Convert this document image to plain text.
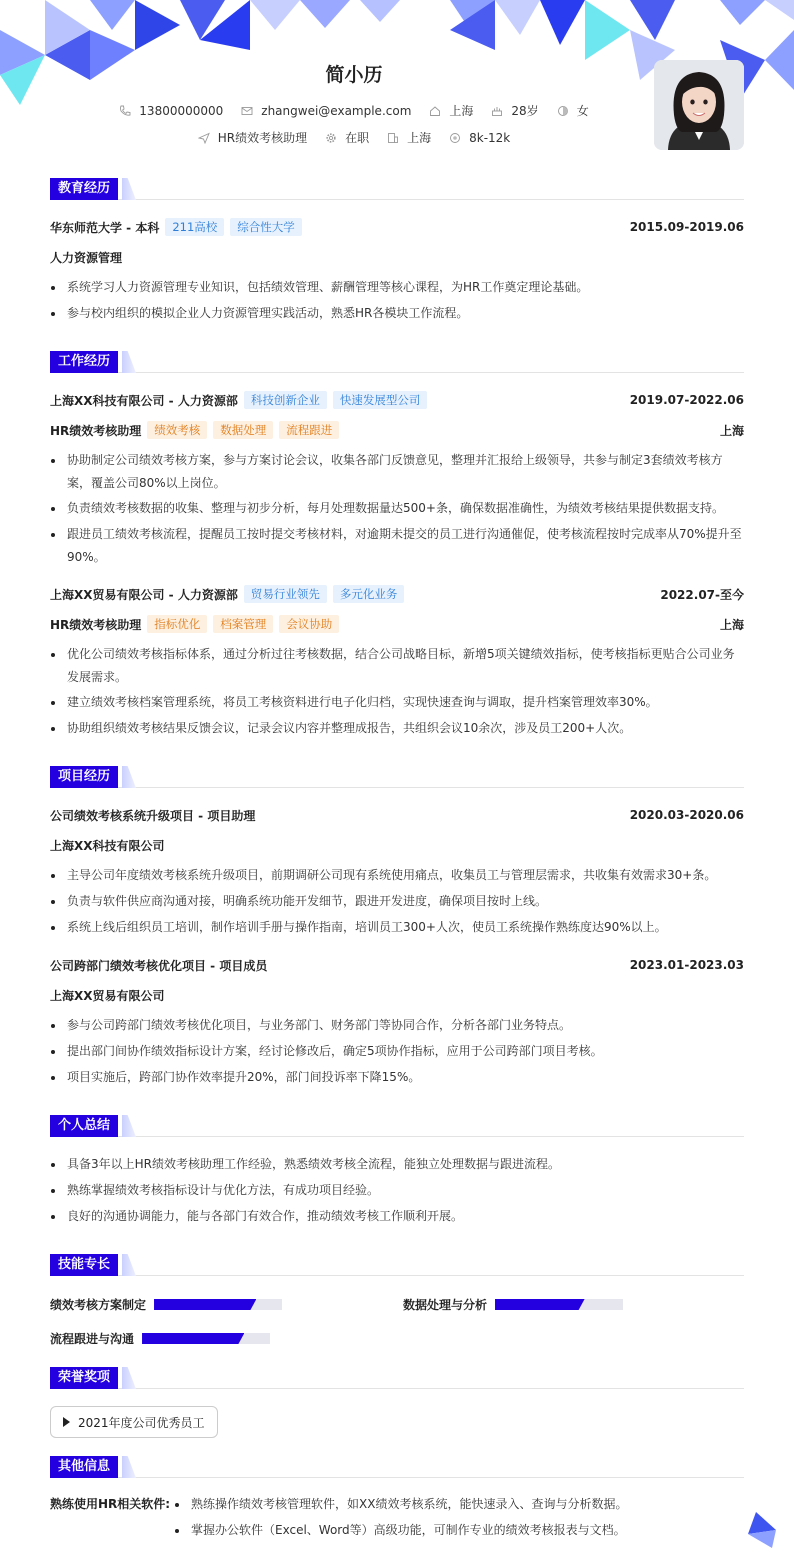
简小历
13800000000	zhangwei@example.com	上海	28岁	女
HR绩效考核助理	在职	上海	8k-12k
教育经历
华东师范大学 - 本科	211高校	综合性大学	2015.09-2019.06
人力资源管理
系统学习人力资源管理专业知识，包括绩效管理、薪酬管理等核心课程，为HR工作奠定理论基础。
参与校内组织的模拟企业人力资源管理实践活动，熟悉HR各模块工作流程。
工作经历
上海XX科技有限公司 - 人力资源部	科技创新企业	快速发展型公司	2019.07-2022.06
HR绩效考核助理	绩效考核	数据处理	流程跟进	上海
协助制定公司绩效考核方案，参与方案讨论会议，收集各部门反馈意见，整理并汇报给上级领导，共参与制定3套绩效考核方案，覆盖公司80%以上岗位。
负责绩效考核数据的收集、整理与初步分析，每月处理数据量达500+条，确保数据准确性，为绩效考核结果提供数据支持。
跟进员工绩效考核流程，提醒员工按时提交考核材料，对逾期未提交的员工进行沟通催促，使考核流程按时完成率从70%提升至90%。
上海XX贸易有限公司 - 人力资源部	贸易行业领先	多元化业务	2022.07-至今
HR绩效考核助理	指标优化	档案管理	会议协助	上海
优化公司绩效考核指标体系，通过分析过往考核数据，结合公司战略目标，新增5项关键绩效指标，使考核指标更贴合公司业务发展需求。
建立绩效考核档案管理系统，将员工考核资料进行电子化归档，实现快速查询与调取，提升档案管理效率30%。
协助组织绩效考核结果反馈会议，记录会议内容并整理成报告，共组织会议10余次，涉及员工200+人次。
项目经历
公司绩效考核系统升级项目 - 项目助理	2020.03-2020.06
上海XX科技有限公司
主导公司年度绩效考核系统升级项目，前期调研公司现有系统使用痛点，收集员工与管理层需求，共收集有效需求30+条。
负责与软件供应商沟通对接，明确系统功能开发细节，跟进开发进度，确保项目按时上线。
系统上线后组织员工培训，制作培训手册与操作指南，培训员工300+人次，使员工系统操作熟练度达90%以上。
公司跨部门绩效考核优化项目 - 项目成员	2023.01-2023.03
上海XX贸易有限公司
参与公司跨部门绩效考核优化项目，与业务部门、财务部门等协同合作，分析各部门业务特点。
提出部门间协作绩效指标设计方案，经讨论修改后，确定5项协作指标，应用于公司跨部门项目考核。
项目实施后，跨部门协作效率提升20%，部门间投诉率下降15%。
个人总结
具备3年以上HR绩效考核助理工作经验，熟悉绩效考核全流程，能独立处理数据与跟进流程。
熟练掌握绩效考核指标设计与优化方法，有成功项目经验。
良好的沟通协调能力，能与各部门有效合作，推动绩效考核工作顺利开展。
技能专长
绩效考核方案制定	数据处理与分析
流程跟进与沟通
荣誉奖项
2021年度公司优秀员工
其他信息
熟练使用HR相关软件:	熟练操作绩效考核管理软件，如XX绩效考核系统，能快速录入、查询与分析数据。
掌握办公软件（Excel、Word等）高级功能，可制作专业的绩效考核报表与文档。
